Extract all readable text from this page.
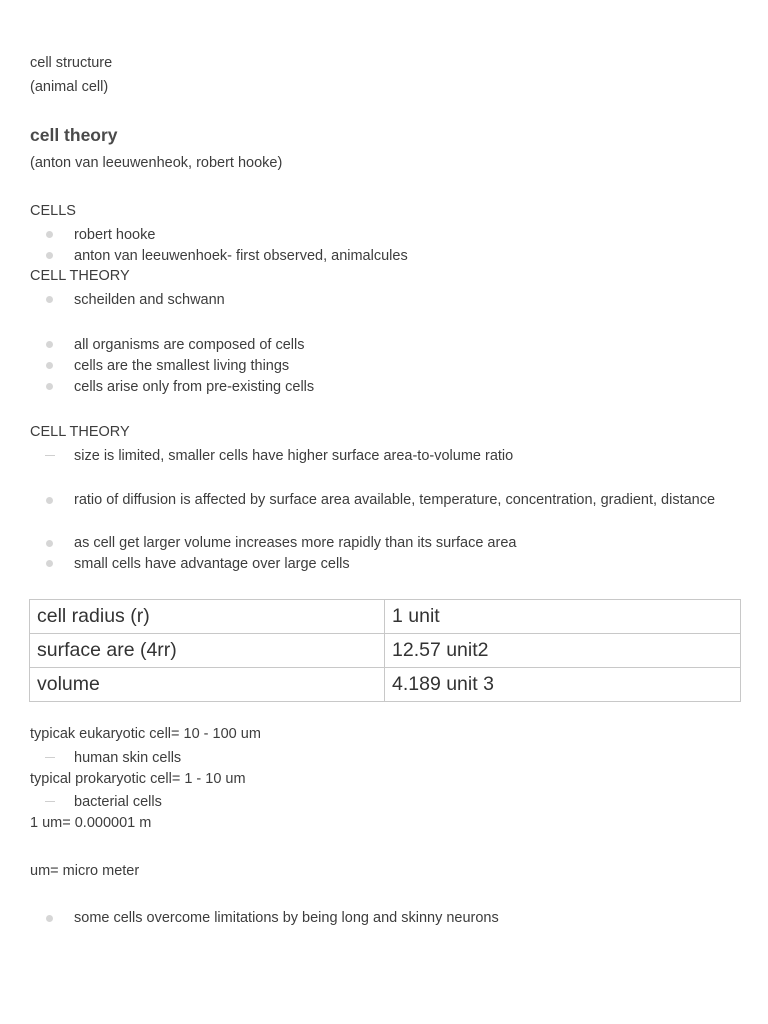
cell structure
(animal cell)
cell theory
(anton van leeuwenheok, robert hooke)
CELLS
robert hooke
anton van leeuwenhoek- first observed, animalcules
CELL THEORY
scheilden and schwann
all organisms are composed of cells
cells are the smallest living things
cells arise only from pre-existing cells
CELL THEORY
size is limited, smaller cells have higher surface area-to-volume ratio
ratio of diffusion is affected by surface area available, temperature, concentration, gradient, distance
as cell get larger volume increases more rapidly than its surface area
small cells have advantage over large cells
cell radius (r)	1 unit
surface are (4rr)	12.57 unit2
volume	4.189 unit 3
typicak eukaryotic cell= 10 - 100 um
human skin cells
typical prokaryotic cell= 1 - 10 um
bacterial cells
1 um= 0.000001 m
um= micro meter
some cells overcome limitations by being long and skinny neurons
